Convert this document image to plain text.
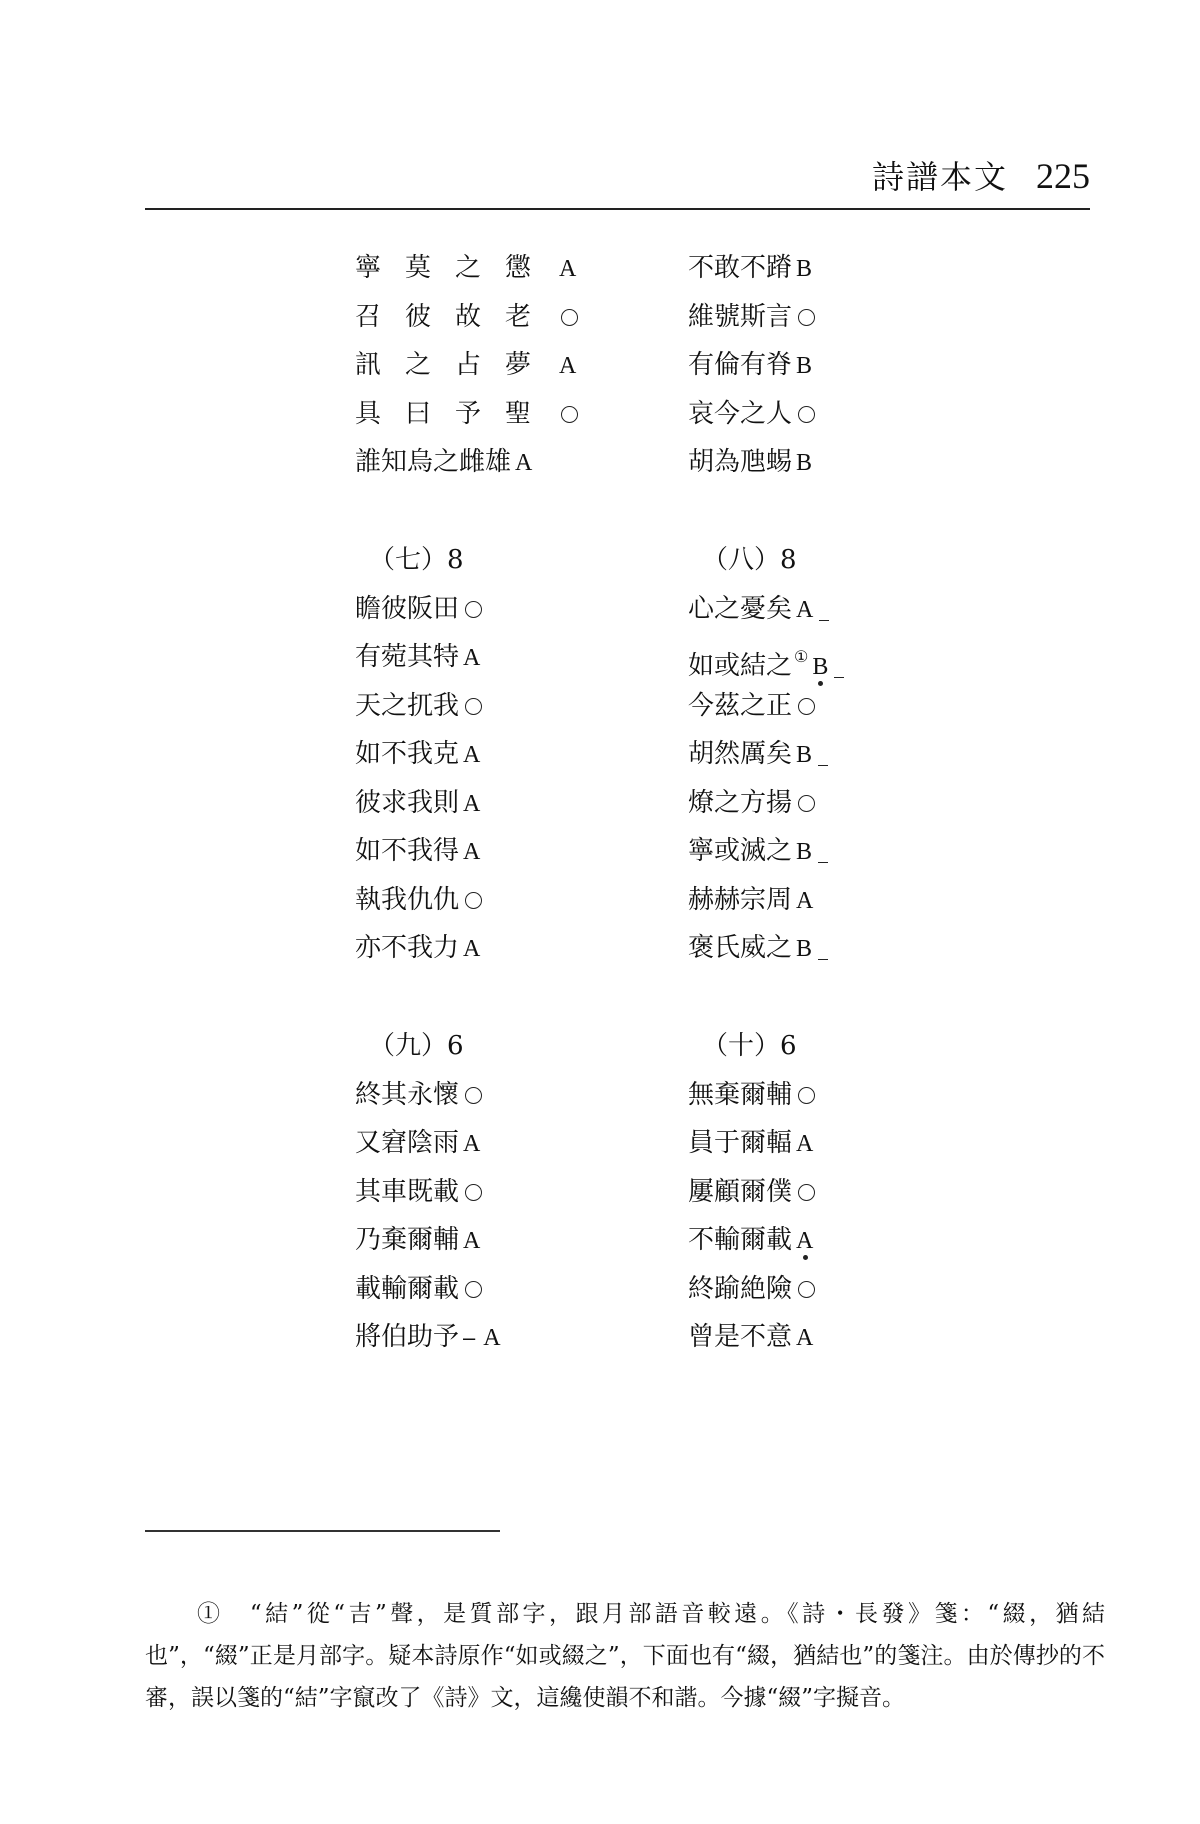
詩譜本文 225
寧莫之懲 A
召彼故老
訊之占夢 A
具曰予聖
誰知烏之雌雄 A
不敢不蹐 B
維號斯言
有倫有脊 B
哀今之人
胡為虺蜴 B
（七）8
瞻彼阪田
有菀其特 A
天之扤我
如不我克 A
彼求我則 A
如不我得 A
執我仇仇
亦不我力 A
（八）8
心之憂矣 A
如或結之 ① B
今茲之正
胡然厲矣 B
燎之方揚
寧或滅之 B
赫赫宗周 A
褒氏威之 B
（九）6
終其永懷
又窘陰雨 A
其車既載
乃棄爾輔 A
載輸爾載
將伯助予 – A
（十）6
無棄爾輔
員于爾輻 A
屢顧爾僕
不輸爾載 A
終踰絶險
曾是不意 A

①　“結”從“吉”聲，是質部字，跟月部語音較遠。《詩・長發》箋：“綴，猶結也”，“綴”正是月部字。疑本詩原作“如或綴之”，下面也有“綴，猶結也”的箋注。由於傳抄的不審，誤以箋的“結”字竄改了《詩》文，這纔使韻不和諧。今據“綴”字擬音。
